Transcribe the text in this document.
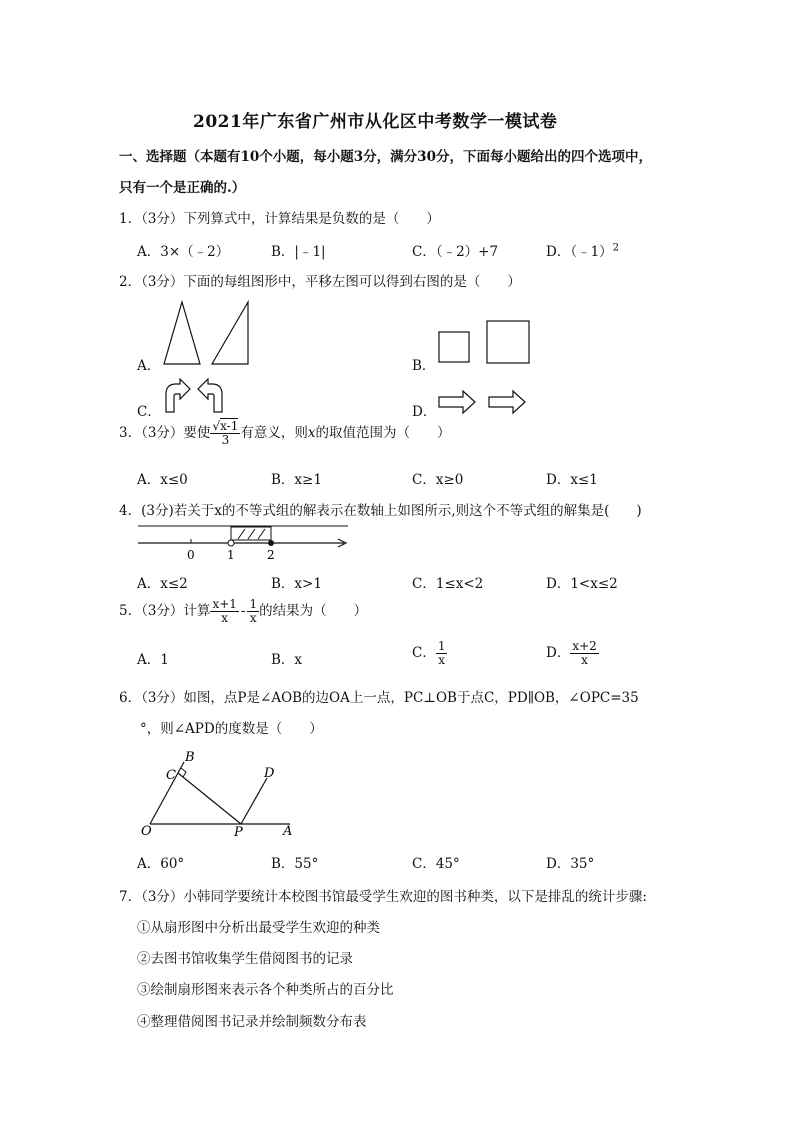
2021年广东省广州市从化区中考数学一模试卷
一、选择题（本题有10个小题，每小题3分，满分30分，下面每小题给出的四个选项中，
只有一个是正确的.）
1．（3分）下列算式中，计算结果是负数的是（　　）
A．3×（﹣2）	B．|﹣1|	C．（﹣2）+7	D．（﹣1）$^2$
2．（3分）下面的每组图形中，平移左图可以得到右图的是（　　）
A．	B．
C．	D．
3．（3分）要使 $\frac{√x-1}{3}$ 有意义，则x的取值范围为（　　）
A．x≤0	B．x≥1	C．x≥0	D．x≤1
4．(3分)若关于x的不等式组的解表示在数轴上如图所示,则这个不等式组的解集是(　　)
0	1	2
A．x≤2	B．x>1	C．1≤x<2	D．1<x≤2
5．（3分）计算 $\frac{x+1}{x} - \frac{1}{x}$ 的结果为（　　）
A．1	B．x	C． $\frac{1}{x}$	D． $\frac{x+2}{x}$
6．（3分）如图，点P是∠AOB的边OA上一点，PC⊥OB于点C，PD∥OB，∠OPC=35
°，则∠APD的度数是（　　）
B
C	D
O	P	A
A．60°	B．55°	C．45°	D．35°
7．（3分）小韩同学要统计本校图书馆最受学生欢迎的图书种类，以下是排乱的统计步骤:
①从扇形图中分析出最受学生欢迎的种类
②去图书馆收集学生借阅图书的记录
③绘制扇形图来表示各个种类所占的百分比
④整理借阅图书记录并绘制频数分布表
